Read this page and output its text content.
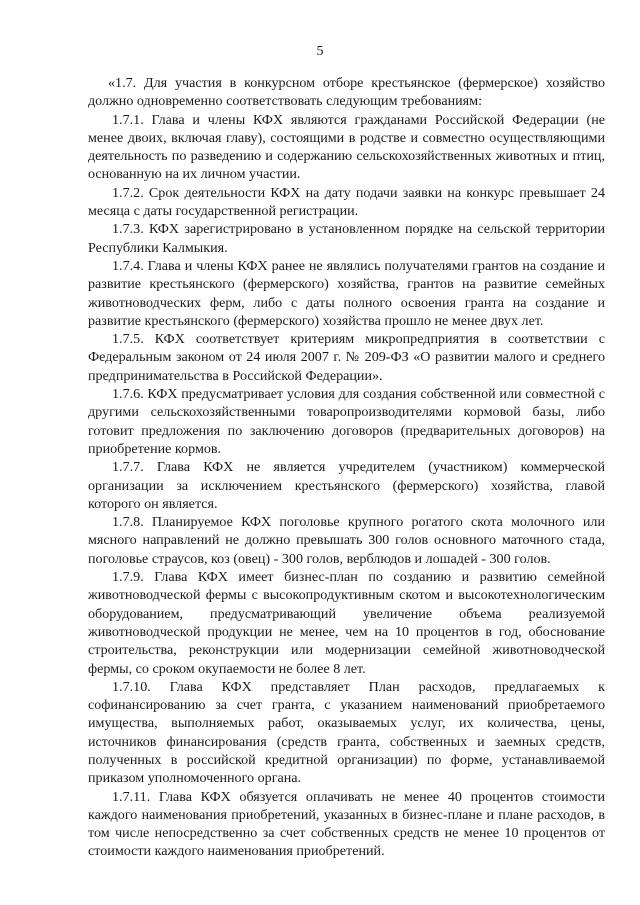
5

«1.7. Для участия в конкурсном отборе крестьянское (фермерское) хозяйство должно одновременно соответствовать следующим требованиям:

1.7.1. Глава и члены КФХ являются гражданами Российской Федерации (не менее двоих, включая главу), состоящими в родстве и совместно осуществляющими деятельность по разведению и содержанию сельскохозяйственных животных и птиц, основанную на их личном участии.

1.7.2. Срок деятельности КФХ на дату подачи заявки на конкурс превышает 24 месяца с даты государственной регистрации.

1.7.3. КФХ зарегистрировано в установленном порядке на сельской территории Республики Калмыкия.

1.7.4. Глава и члены КФХ ранее не являлись получателями грантов на создание и развитие крестьянского (фермерского) хозяйства, грантов на развитие семейных животноводческих ферм, либо с даты полного освоения гранта на создание и развитие крестьянского (фермерского) хозяйства прошло не менее двух лет.

1.7.5. КФХ соответствует критериям микропредприятия в соответствии с Федеральным законом от 24 июля 2007 г. № 209-ФЗ «О развитии малого и среднего предпринимательства в Российской Федерации».

1.7.6. КФХ предусматривает условия для создания собственной или совместной с другими сельскохозяйственными товаропроизводителями кормовой базы, либо готовит предложения по заключению договоров (предварительных договоров) на приобретение кормов.

1.7.7. Глава КФХ не является учредителем (участником) коммерческой организации за исключением крестьянского (фермерского) хозяйства, главой которого он является.

1.7.8. Планируемое КФХ поголовье крупного рогатого скота молочного или мясного направлений не должно превышать 300 голов основного маточного стада, поголовье страусов, коз (овец) - 300 голов, верблюдов и лошадей - 300 голов.

1.7.9. Глава КФХ имеет бизнес-план по созданию и развитию семейной животноводческой фермы с высокопродуктивным скотом и высокотехнологическим оборудованием, предусматривающий увеличение объема реализуемой животноводческой продукции не менее, чем на 10 процентов в год, обоснование строительства, реконструкции или модернизации семейной животноводческой фермы, со сроком окупаемости не более 8 лет.

1.7.10. Глава КФХ представляет План расходов, предлагаемых к софинансированию за счет гранта, с указанием наименований приобретаемого имущества, выполняемых работ, оказываемых услуг, их количества, цены, источников финансирования (средств гранта, собственных и заемных средств, полученных в российской кредитной организации) по форме, устанавливаемой приказом уполномоченного органа.

1.7.11. Глава КФХ обязуется оплачивать не менее 40 процентов стоимости каждого наименования приобретений, указанных в бизнес-плане и плане расходов, в том числе непосредственно за счет собственных средств не менее 10 процентов от стоимости каждого наименования приобретений.
